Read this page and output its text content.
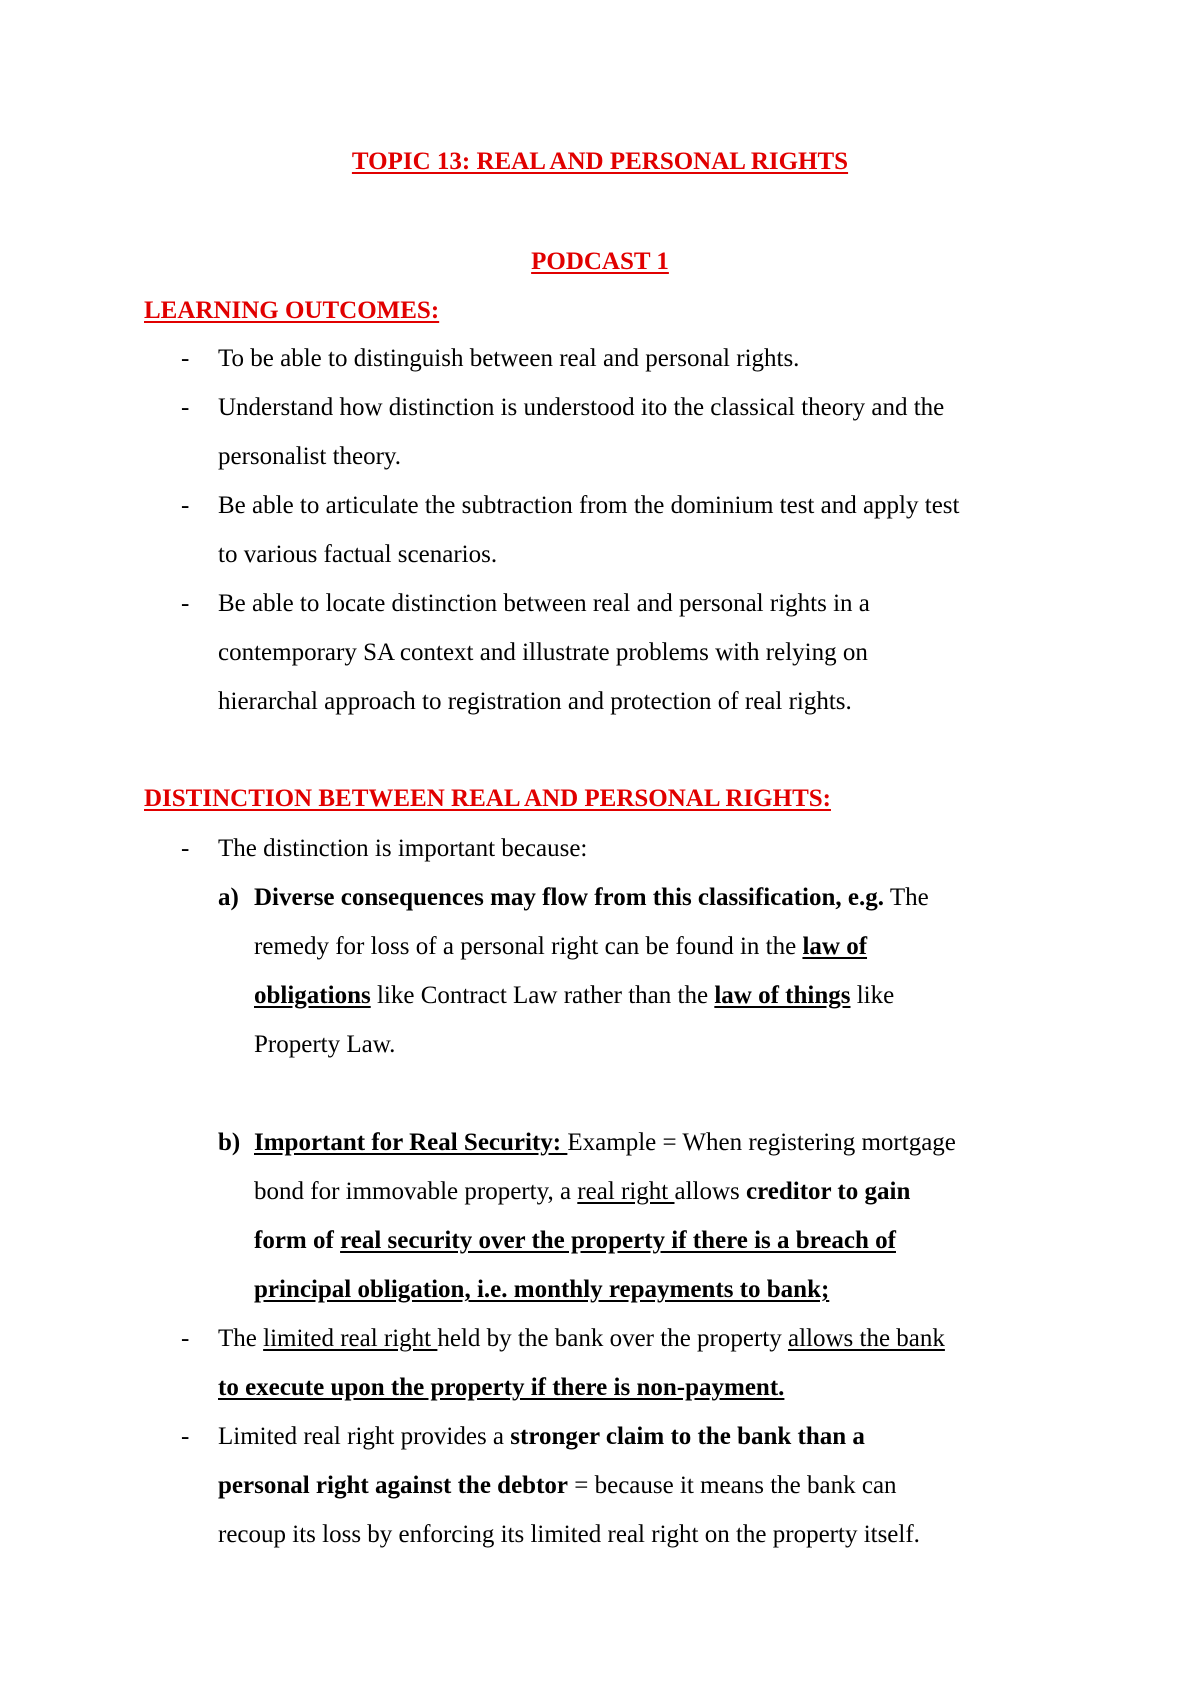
TOPIC 13: REAL AND PERSONAL RIGHTS
PODCAST 1
LEARNING OUTCOMES:
- To be able to distinguish between real and personal rights.
- Understand how distinction is understood ito the classical theory and the
personalist theory.
- Be able to articulate the subtraction from the dominium test and apply test
to various factual scenarios.
- Be able to locate distinction between real and personal rights in a
contemporary SA context and illustrate problems with relying on
hierarchal approach to registration and protection of real rights.
DISTINCTION BETWEEN REAL AND PERSONAL RIGHTS:
- The distinction is important because:
a) Diverse consequences may flow from this classification, e.g. The
remedy for loss of a personal right can be found in the law of
obligations like Contract Law rather than the law of things like
Property Law.
b) Important for Real Security: Example = When registering mortgage
bond for immovable property, a real right allows creditor to gain
form of real security over the property if there is a breach of
principal obligation, i.e. monthly repayments to bank;
- The limited real right held by the bank over the property allows the bank
to execute upon the property if there is non-payment.
- Limited real right provides a stronger claim to the bank than a
personal right against the debtor = because it means the bank can
recoup its loss by enforcing its limited real right on the property itself.
